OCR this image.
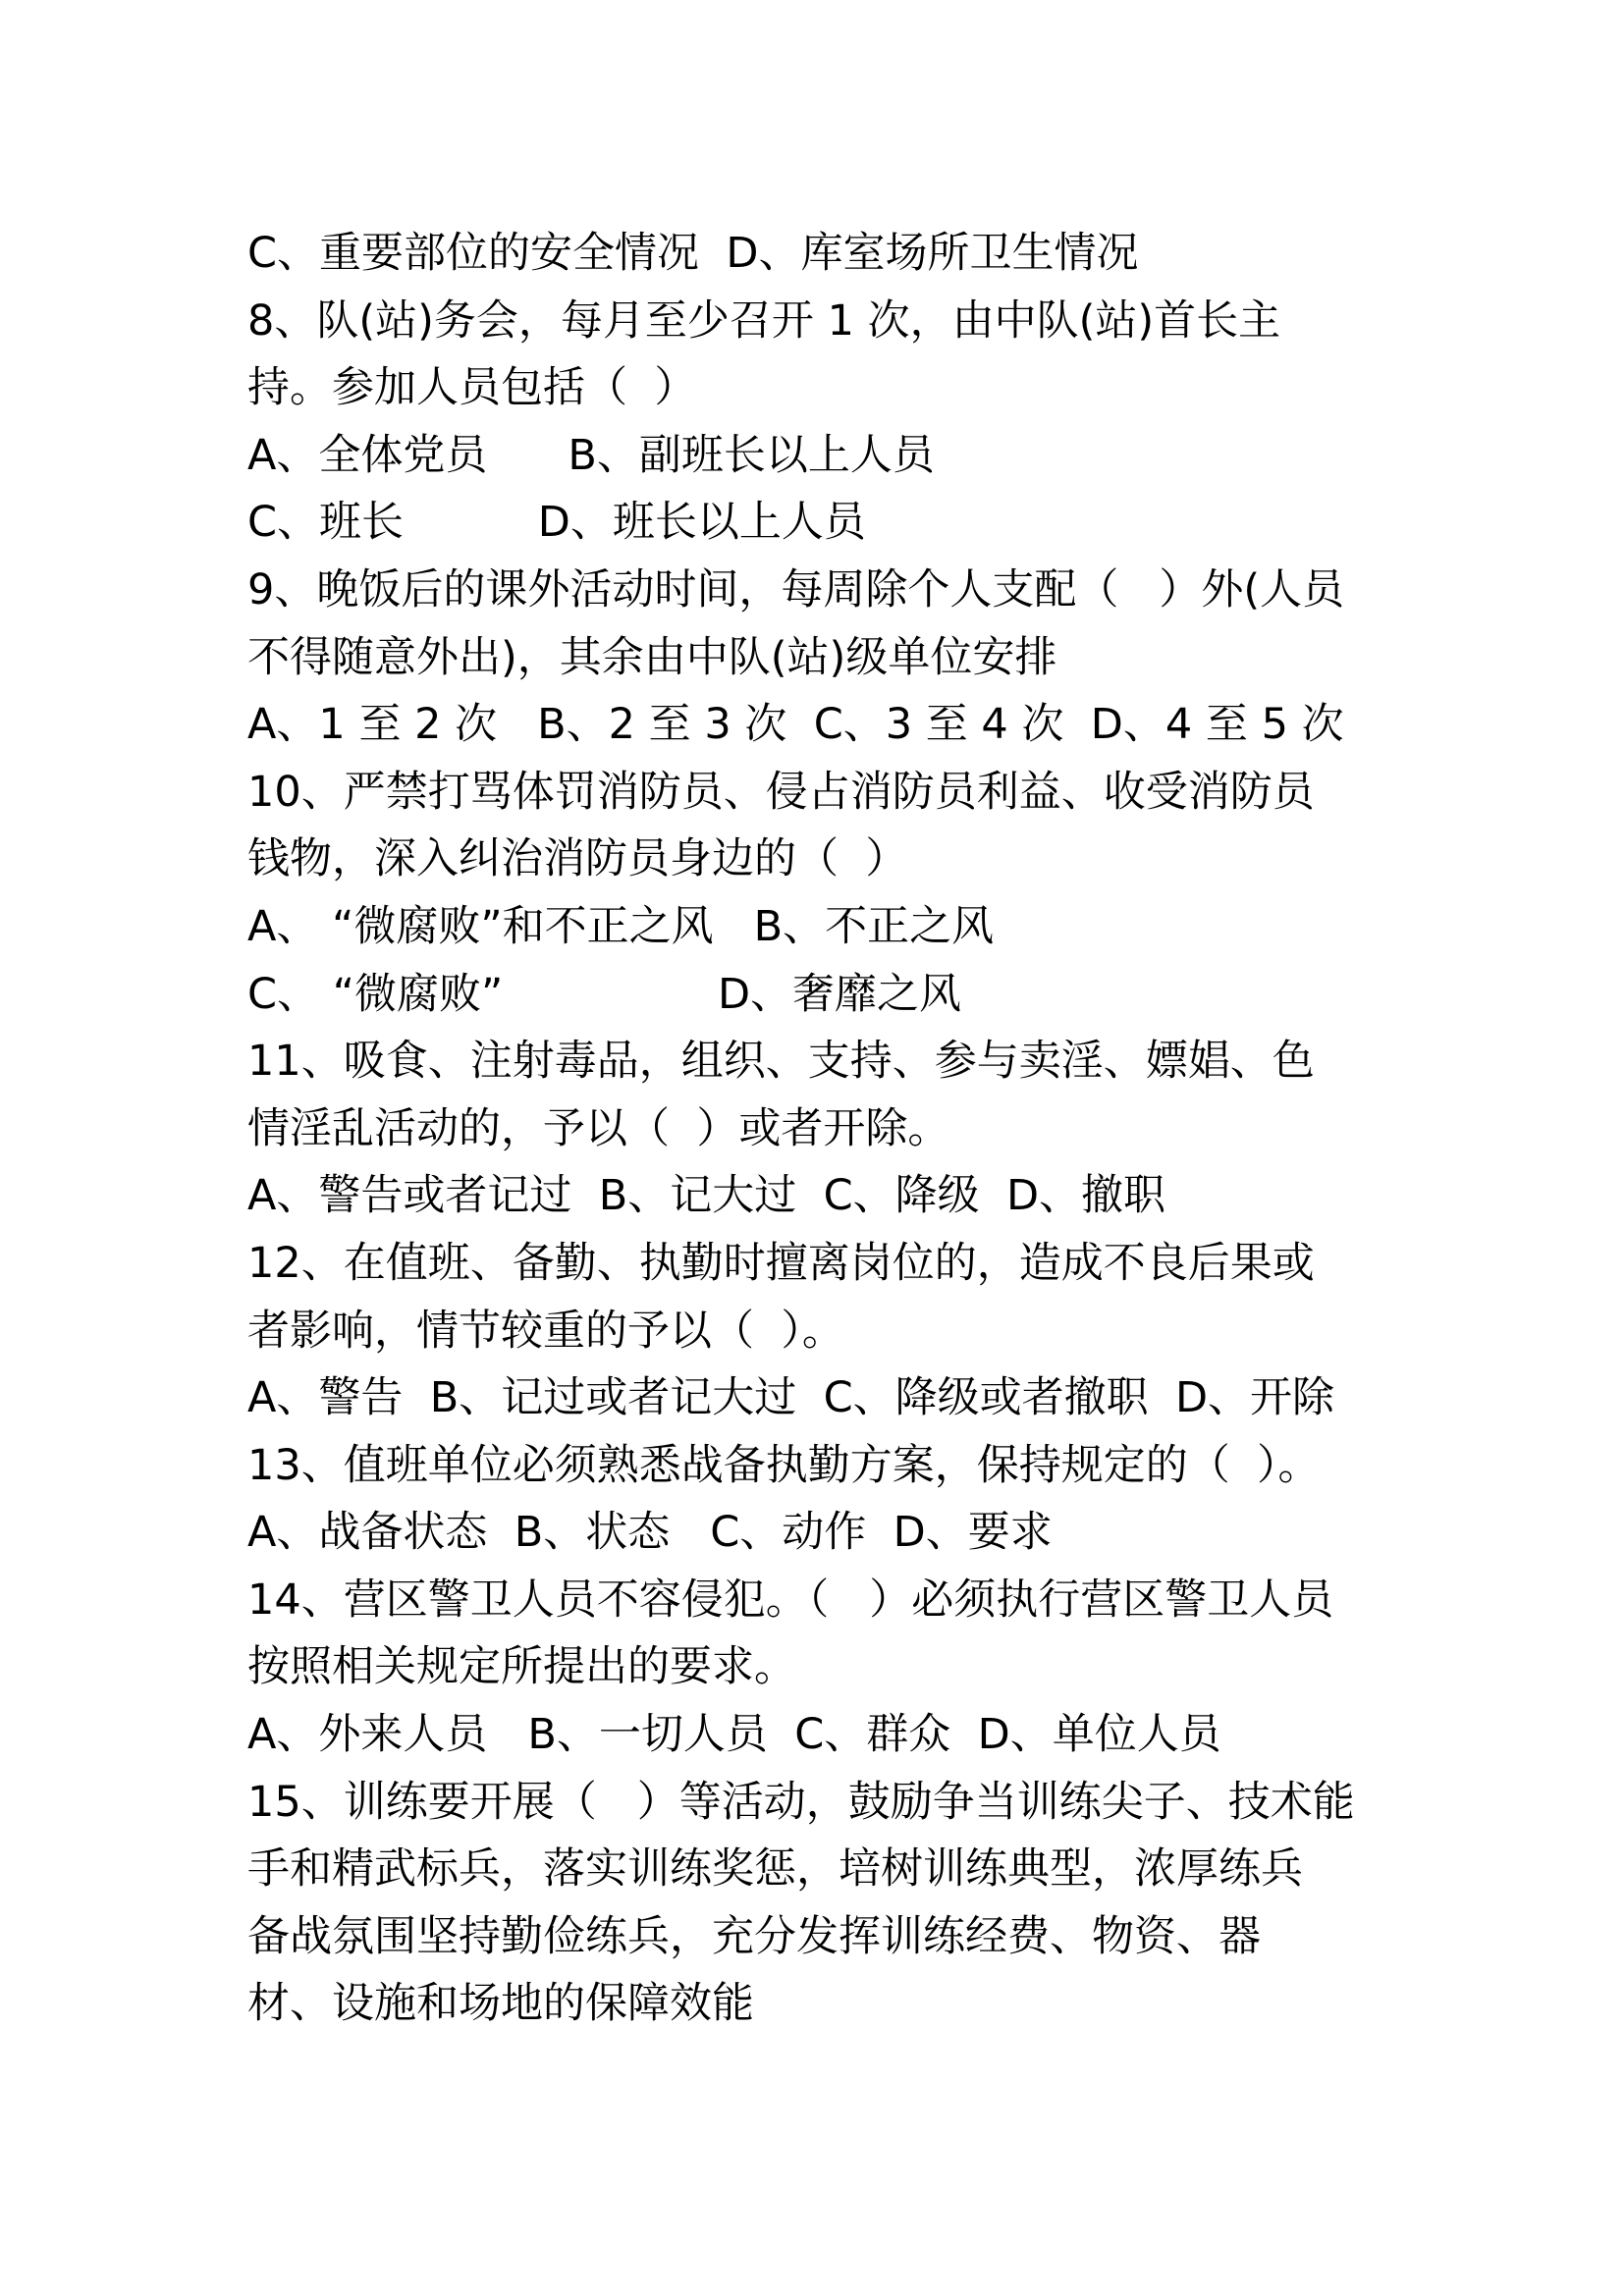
C、重要部位的安全情况  D、库室场所卫生情况
8、队(站)务会，每月至少召开 1 次，由中队(站)首长主
持。参加人员包括（  ）
A、全体党员      B、副班长以上人员
C、班长          D、班长以上人员
9、晚饭后的课外活动时间，每周除个人支配（   ）外(人员
不得随意外出)，其余由中队(站)级单位安排
A、1 至 2 次   B、2 至 3 次  C、3 至 4 次  D、4 至 5 次
10、严禁打骂体罚消防员、侵占消防员利益、收受消防员
钱物，深入纠治消防员身边的（  ）
A、 “微腐败”和不正之风   B、不正之风
C、 “微腐败”                D、奢靡之风
11、吸食、注射毒品，组织、支持、参与卖淫、嫖娼、色
情淫乱活动的，予以（  ）或者开除。
A、警告或者记过  B、记大过  C、降级  D、撤职
12、在值班、备勤、执勤时擅离岗位的，造成不良后果或
者影响，情节较重的予以（  ）。
A、警告  B、记过或者记大过  C、降级或者撤职  D、开除
13、值班单位必须熟悉战备执勤方案，保持规定的（  ）。
A、战备状态  B、状态   C、动作  D、要求
14、营区警卫人员不容侵犯。（   ）必须执行营区警卫人员
按照相关规定所提出的要求。
A、外来人员   B、一切人员  C、群众  D、单位人员
15、训练要开展（   ）等活动，鼓励争当训练尖子、技术能
手和精武标兵，落实训练奖惩，培树训练典型，浓厚练兵
备战氛围坚持勤俭练兵，充分发挥训练经费、物资、器
材、设施和场地的保障效能
